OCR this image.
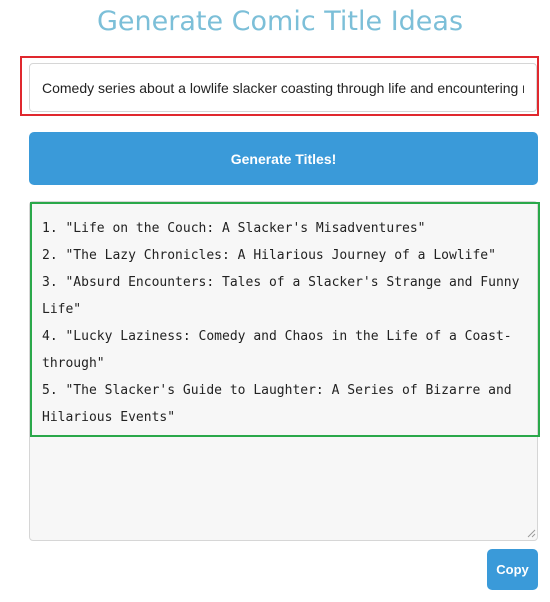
Generate Comic Title Ideas
Comedy series about a lowlife slacker coasting through life and encountering my
Generate Titles!
1. "Life on the Couch: A Slacker's Misadventures"
2. "The Lazy Chronicles: A Hilarious Journey of a Lowlife"
3. "Absurd Encounters: Tales of a Slacker's Strange and Funny
Life"
4. "Lucky Laziness: Comedy and Chaos in the Life of a Coast-
through"
5. "The Slacker's Guide to Laughter: A Series of Bizarre and
Hilarious Events"
Copy
